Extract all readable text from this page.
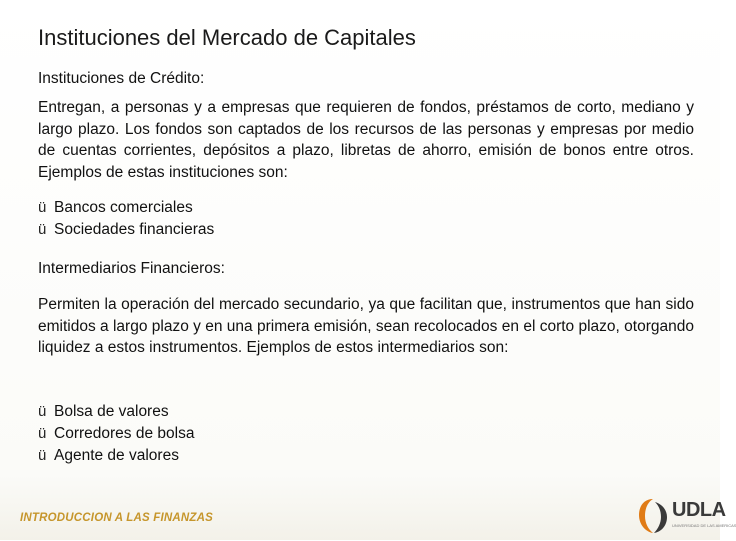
Instituciones del Mercado de Capitales
Instituciones de Crédito:

Entregan, a personas y a empresas que requieren de fondos, préstamos de corto, mediano y largo plazo. Los fondos son captados de los recursos de las personas y empresas por medio de cuentas corrientes, depósitos a plazo, libretas de ahorro, emisión de bonos entre otros. Ejemplos de estas instituciones son:

ü Bancos comerciales
ü Sociedades financieras
Intermediarios Financieros:

Permiten la operación del mercado secundario, ya que facilitan que, instrumentos que han sido emitidos a largo plazo y en una primera emisión, sean recolocados en el corto plazo, otorgando liquidez a estos instrumentos. Ejemplos de estos intermediarios son:

ü Bolsa de valores
ü Corredores de bolsa
ü Agente de valores
INTRODUCCION A LAS FINANZAS	UDLA
UNIVERSIDAD DE LAS AMERICAS
